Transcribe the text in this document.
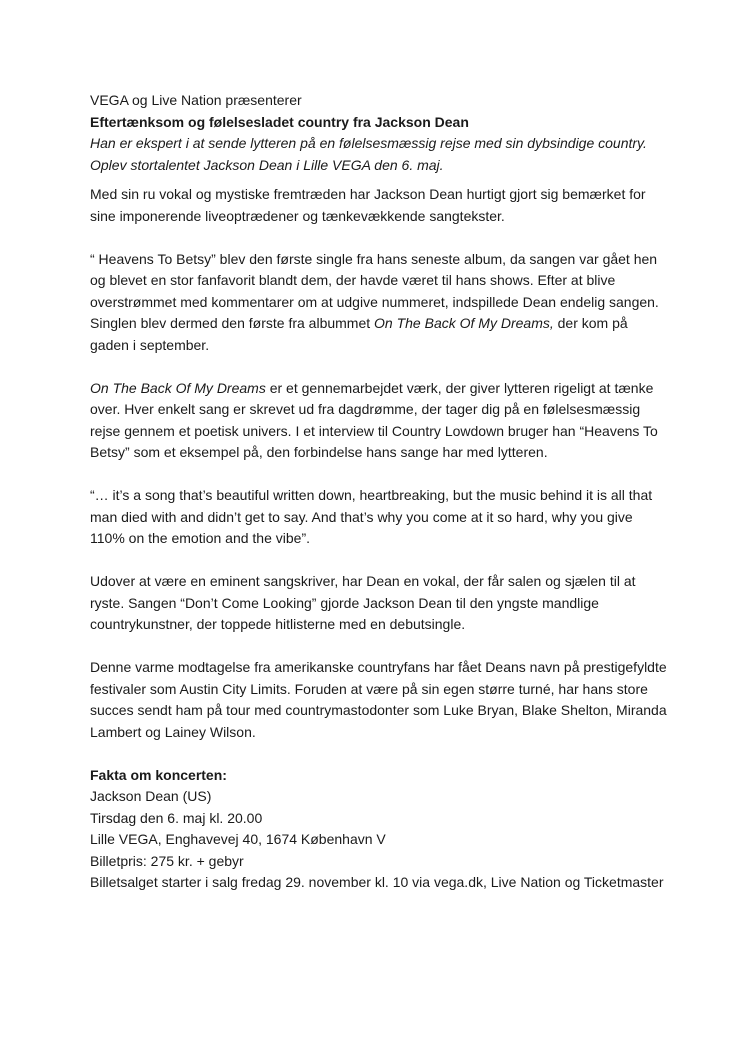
VEGA og Live Nation præsenterer

Eftertænksom og følelsesladet country fra Jackson Dean

Han er ekspert i at sende lytteren på en følelsesmæssig rejse med sin dybsindige country. Oplev stortalentet Jackson Dean i Lille VEGA den 6. maj.

Med sin ru vokal og mystiske fremtræden har Jackson Dean hurtigt gjort sig bemærket for sine imponerende liveoptrædener og tænkevækkende sangtekster.

“ Heavens To Betsy” blev den første single fra hans seneste album, da sangen var gået hen og blevet en stor fanfavorit blandt dem, der havde været til hans shows. Efter at blive overstrømmet med kommentarer om at udgive nummeret, indspillede Dean endelig sangen. Singlen blev dermed den første fra albummet On The Back Of My Dreams, der kom på gaden i september.

On The Back Of My Dreams er et gennemarbejdet værk, der giver lytteren rigeligt at tænke over. Hver enkelt sang er skrevet ud fra dagdrømme, der tager dig på en følelsesmæssig rejse gennem et poetisk univers. I et interview til Country Lowdown bruger han “Heavens To Betsy” som et eksempel på, den forbindelse hans sange har med lytteren.

“… it’s a song that’s beautiful written down, heartbreaking, but the music behind it is all that man died with and didn’t get to say. And that’s why you come at it so hard, why you give 110% on the emotion and the vibe”.

Udover at være en eminent sangskriver, har Dean en vokal, der får salen og sjælen til at ryste. Sangen “Don’t Come Looking” gjorde Jackson Dean til den yngste mandlige countrykunstner, der toppede hitlisterne med en debutsingle.

Denne varme modtagelse fra amerikanske countryfans har fået Deans navn på prestigefyldte festivaler som Austin City Limits. Foruden at være på sin egen større turné, har hans store succes sendt ham på tour med countrymastodonter som Luke Bryan, Blake Shelton, Miranda Lambert og Lainey Wilson.

Fakta om koncerten:

Jackson Dean (US)

Tirsdag den 6. maj kl. 20.00

Lille VEGA, Enghavevej 40, 1674 København V

Billetpris: 275 kr. + gebyr

Billetsalget starter i salg fredag 29. november kl. 10 via vega.dk, Live Nation og Ticketmaster
